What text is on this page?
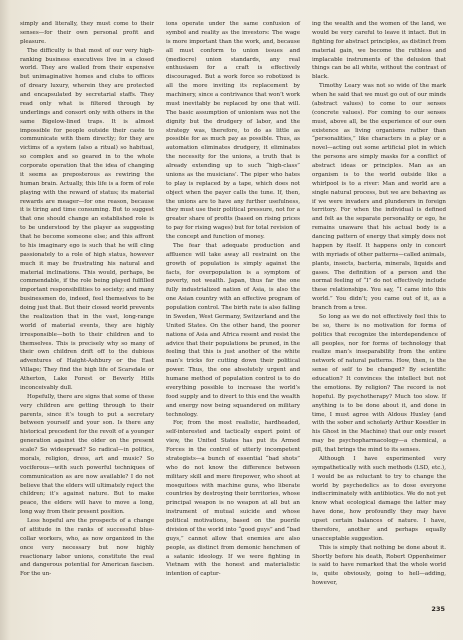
simply and literally, they must come to their senses—for their own personal profit and pleasure.

The difficulty is that most of our very high-ranking business executives live in a closed world. They are walled from their expensive but unimaginative homes and clubs to offices of dreary luxury, wherein they are protected and encapsulated by secretarial staffs. They read only what is filtered through by underlings and consort only with others in the same Bigelow-lined traps. It is almost impossible for people outside their caste to communicate with them directly; for they are victims of a system (also a ritual) so habitual, so complex and so geared in to the whole corporate operation that the idea of changing it seems as preposterous as rewiring the human brain. Actually, this life is a form of role playing with the reward of status; its material rewards are meager—for one reason, because it is tiring and time consuming. But to suggest that one should change an established role is to be understood by the player as suggesting that he become someone else; and this affront to his imaginary ego is such that he will cling passionately to a role of high status, however much it may be frustrating his natural and material inclinations. This would, perhaps, be commendable, if the role being played fulfilled important responsibilities to society; and many businessmen do, indeed, feel themselves to be doing just that. But their closed world prevents the realization that in the vast, long-range world of material events, they are highly irresponsible—both to their children and to themselves. This is precisely why so many of their own children drift off to the dubious adventures of Haight-Ashbury or the East Village; They find the high life of Scarsdale or Atherton, Lake Forest or Beverly Hills inconceivably dull.

Hopefully, there are signs that some of these very children are getting through to their parents, since it’s tough to put a secretary between yourself and your son. Is there any historical precedent for the revolt of a younger generation against the older on the present scale? So widespread? So radical—in politics, morals, religion, dress, art and music? So vociferous—with such powerful techniques of communication as are now available? I do not believe that the elders will ultimately reject the children; it’s against nature. But to make peace, the elders will have to move a long, long way from their present position.

Less hopeful are the prospects of a change of attitude in the ranks of successful blue-collar workers, who, as now organized in the once very necessary but now highly reactionary labor unions, constitute the real and dangerous potential for American fascism. For the un-

ions operate under the same confusion of symbol and reality as the investors: The wage is more important than the work, and, because all must conform to union issues and (mediocre) union standards, any real enthusiasm for a craft is effectively discouraged. But a work force so robotized is all the more inviting its replacement by machinery, since a contrivance that won’t work must inevitably be replaced by one that will. The basic assumption of unionism was not the dignity but the drudgery of labor, and the strategy was, therefore, to do as little as possible for as much pay as possible. Thus, as automation eliminates drudgery, it eliminates the necessity for the unions, a truth that is already extending up to such “high-class” unions as the musicians’. The piper who hates to play is replaced by a tape, which does not object when the payer calls the tune. If, then, the unions are to have any further usefulness, they must use their political pressure, not for a greater share of profits (based on rising prices to pay for rising wages) but for total revision of the concept and function of money.

The fear that adequate production and affluence will take away all restraint on the growth of population is simply against the facts, for overpopulation is a symptom of poverty, not wealth. Japan, thus far the one fully industrialized nation of Asia, is also the one Asian country with an effective program of population control. The birth rate is also falling in Sweden, West Germany, Switzerland and the United States. On the other hand, the poorer nations of Asia and Africa resent and resist the advice that their populations be pruned, in the feeling that this is just another of the white man’s tricks for cutting down their political power. Thus, the one absolutely urgent and humane method of population control is to do everything possible to increase the world’s food supply and to divert to this end the wealth and energy now being squandered on military technology.

For, from the most realistic, hardheaded, self-interested and tactically expert point of view, the United States has put its Armed Forces in the control of utterly incompetent strategists—a bunch of essential “bad shots” who do not know the difference between military skill and mere firepower, who shoot at mosquitoes with machine guns, who liberate countries by destroying their territories, whose principal weapon is no weapon at all but an instrument of mutual suicide and whose political motivations, based on the puerile division of the world into “good guys” and “bad guys,” cannot allow that enemies are also people, as distinct from demonic henchmen of a satanic ideology. If we were fighting in Vietnam with the honest and materialistic intention of captur-

ing the wealth and the women of the land, we would be very careful to leave it intact. But in fighting for abstract principles, as distinct from material gain, we become the ruthless and implacable instruments of the delusion that things can be all white, without the contrast of black.

Timothy Leary was not so wide of the mark when he said that we must go out of our minds (abstract values) to come to our senses (concrete values). For coming to our senses must, above all, be the experience of our own existence as living organisms rather than “personalities,” like characters in a play or a novel—acting out some artificial plot in which the persons are simply masks for a conflict of abstract ideas or principles. Man as an organism is to the world outside like a whirlpool is to a river: Man and world are a single natural process, but we are behaving as if we were invaders and plunderers in foreign territory. For when the individual is defined and felt as the separate personality or ego, he remains unaware that his actual body is a dancing pattern of energy that simply does not happen by itself. It happens only in concert with myriads of other patterns—called animals, plants, insects, bacteria, minerals, liquids and gases. The definition of a person and the normal feeling of “I” do not effectively include these relationships. You say, “I came into this world.” You didn’t; you came out of it, as a branch from a tree.

So long as we do not effectively feel this to be so, there is no motivation for forms of politics that recognize the interdependence of all peoples, nor for forms of technology that realize man’s inseparability from the entire network of natural patterns. How, then, is the sense of self to be changed? By scientific education? It convinces the intellect but not the emotions. By religion? The record is not hopeful. By psychotherapy? Much too slow. If anything is to be done about it, and done in time, I must agree with Aldous Huxley (and with the sober and scholarly Arthur Koestler in his Ghost in the Machine) that our only resort may be psychopharmacology—a chemical, a pill, that brings the mind to its senses.

Although I have experimented very sympathetically with such methods (LSD, etc.), I would be as reluctant to try to change the world by psychedelics as to dose everyone indiscriminately with antibiotics. We do not yet know what ecological damage the latter may have done, how profoundly they may have upset certain balances of nature. I have, therefore, another and perhaps equally unacceptable suggestion.

This is simply that nothing be done about it. Shortly before his death, Robert Oppenheimer is said to have remarked that the whole world is, quite obviously, going to hell—adding, however,

235
